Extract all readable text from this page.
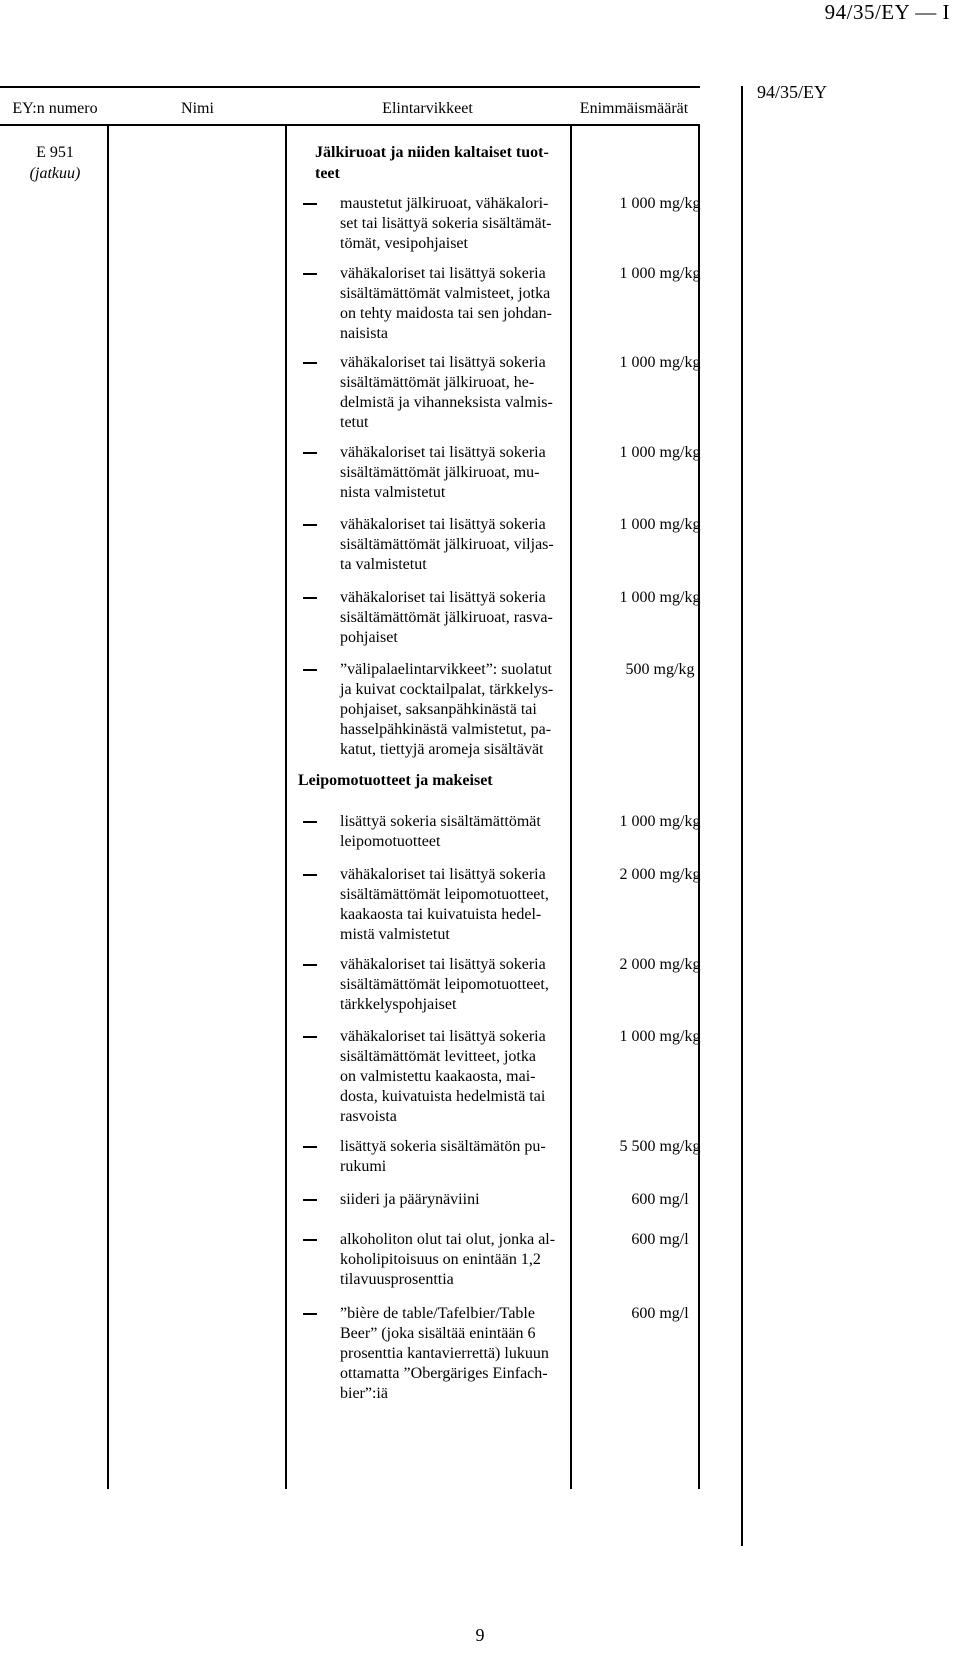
94/35/EY — I
94/35/EY
EY:n numero	Nimi	Elintarvikkeet	Enimmäismäärät
E 951
(jatkuu)
Jälkiruoat ja niiden kaltaiset tuot-
teet
maustetut jälkiruoat, vähäkalori-
set tai lisättyä sokeria sisältämät-
tömät, vesipohjaiset
1 000 mg/kg
vähäkaloriset tai lisättyä sokeria
sisältämättömät valmisteet, jotka
on tehty maidosta tai sen johdan-
naisista
1 000 mg/kg
vähäkaloriset tai lisättyä sokeria
sisältämättömät jälkiruoat, he-
delmistä ja vihanneksista valmis-
tetut
1 000 mg/kg
vähäkaloriset tai lisättyä sokeria
sisältämättömät jälkiruoat, mu-
nista valmistetut
1 000 mg/kg
vähäkaloriset tai lisättyä sokeria
sisältämättömät jälkiruoat, viljas-
ta valmistetut
1 000 mg/kg
vähäkaloriset tai lisättyä sokeria
sisältämättömät jälkiruoat, rasva-
pohjaiset
1 000 mg/kg
”välipalaelintarvikkeet”: suolatut
ja kuivat cocktailpalat, tärkkelys-
pohjaiset, saksanpähkinästä tai
hasselpähkinästä valmistetut, pa-
katut, tiettyjä aromeja sisältävät
500 mg/kg
Leipomotuotteet ja makeiset
lisättyä sokeria sisältämättömät
leipomotuotteet
1 000 mg/kg
vähäkaloriset tai lisättyä sokeria
sisältämättömät leipomotuotteet,
kaakaosta tai kuivatuista hedel-
mistä valmistetut
2 000 mg/kg
vähäkaloriset tai lisättyä sokeria
sisältämättömät leipomotuotteet,
tärkkelyspohjaiset
2 000 mg/kg
vähäkaloriset tai lisättyä sokeria
sisältämättömät levitteet, jotka
on valmistettu kaakaosta, mai-
dosta, kuivatuista hedelmistä tai
rasvoista
1 000 mg/kg
lisättyä sokeria sisältämätön pu-
rukumi
5 500 mg/kg
siideri ja päärynäviini	600 mg/l
alkoholiton olut tai olut, jonka al-
koholipitoisuus on enintään 1,2
tilavuusprosenttia
600 mg/l
”bière de table/Tafelbier/Table
Beer” (joka sisältää enintään 6
prosenttia kantavierrettä) lukuun
ottamatta ”Obergäriges Einfach-
bier”:iä
600 mg/l
9
